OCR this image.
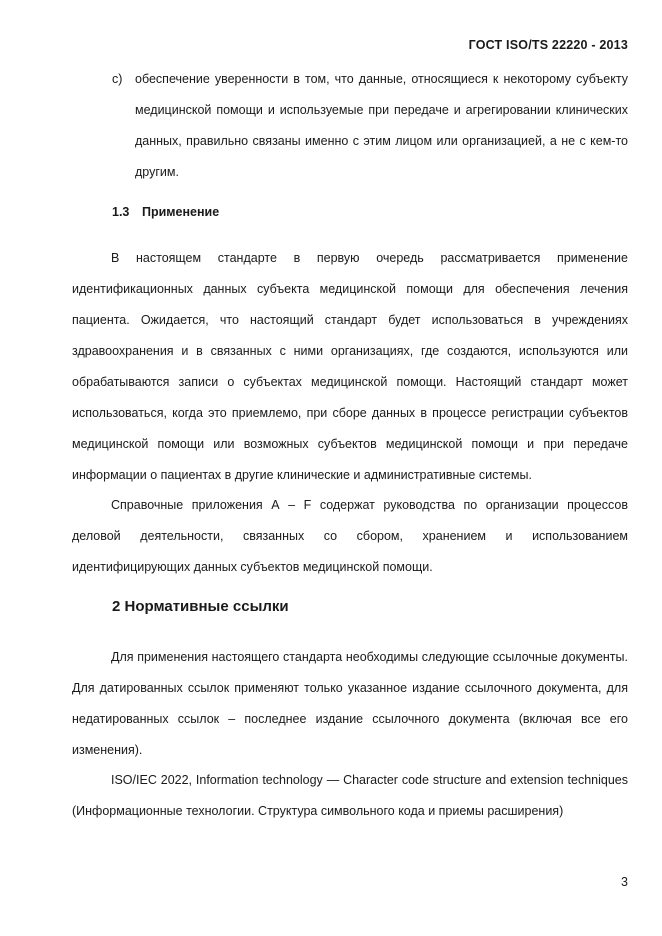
ГОСТ ISO/TS 22220 - 2013
с) обеспечение уверенности в том, что данные, относящиеся к некоторому субъекту медицинской помощи и используемые при передаче и агрегировании клинических данных, правильно связаны именно с этим лицом или организацией, а не с кем-то другим.
1.3 Применение

В настоящем стандарте в первую очередь рассматривается применение идентификационных данных субъекта медицинской помощи для обеспечения лечения пациента. Ожидается, что настоящий стандарт будет использоваться в учреждениях здравоохранения и в связанных с ними организациях, где создаются, используются или обрабатываются записи о субъектах медицинской помощи. Настоящий стандарт может использоваться, когда это приемлемо, при сборе данных в процессе регистрации субъектов медицинской помощи или возможных субъектов медицинской помощи и при передаче информации о пациентах в другие клинические и административные системы.

Справочные приложения А – F содержат руководства по организации процессов деловой деятельности, связанных со сбором, хранением и использованием идентифицирующих данных субъектов медицинской помощи.

2 Нормативные ссылки

Для применения настоящего стандарта необходимы следующие ссылочные документы. Для датированных ссылок применяют только указанное издание ссылочного документа, для недатированных ссылок – последнее издание ссылочного документа (включая все его изменения).

ISO/IEC 2022, Information technology — Character code structure and extension techniques (Информационные технологии. Структура символьного кода и приемы расширения)

3
